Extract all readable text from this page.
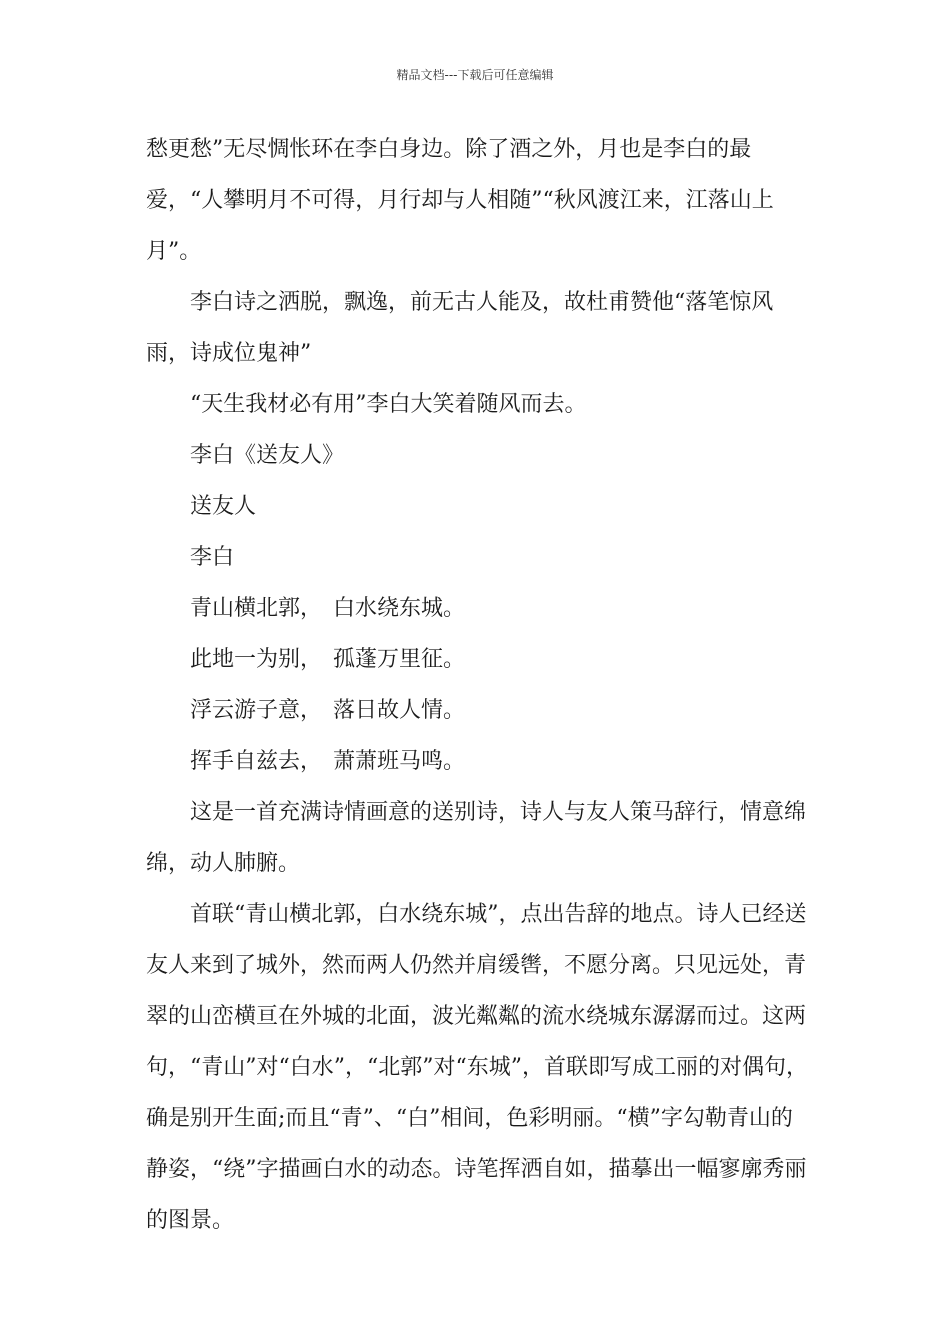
精品文档---下载后可任意编辑

愁更愁”无尽惆怅环在李白身边。除了酒之外，月也是李白的最爱，“人攀明月不可得，月行却与人相随”“秋风渡江来，江落山上月”。

李白诗之洒脱，飘逸，前无古人能及，故杜甫赞他“落笔惊风雨，诗成位鬼神”

“天生我材必有用”李白大笑着随风而去。

李白《送友人》

送友人

李白

青山横北郭，　白水绕东城。

此地一为别，　孤蓬万里征。

浮云游子意，　落日故人情。

挥手自兹去，　萧萧班马鸣。

这是一首充满诗情画意的送别诗，诗人与友人策马辞行，情意绵绵，动人肺腑。

首联“青山横北郭，白水绕东城”，点出告辞的地点。诗人已经送友人来到了城外，然而两人仍然并肩缓辔，不愿分离。只见远处，青翠的山峦横亘在外城的北面，波光粼粼的流水绕城东潺潺而过。这两句，“青山”对“白水”，“北郭”对“东城”，首联即写成工丽的对偶句，确是别开生面;而且“青”、“白”相间，色彩明丽。“横”字勾勒青山的静姿，“绕”字描画白水的动态。诗笔挥洒自如，描摹出一幅寥廓秀丽的图景。
